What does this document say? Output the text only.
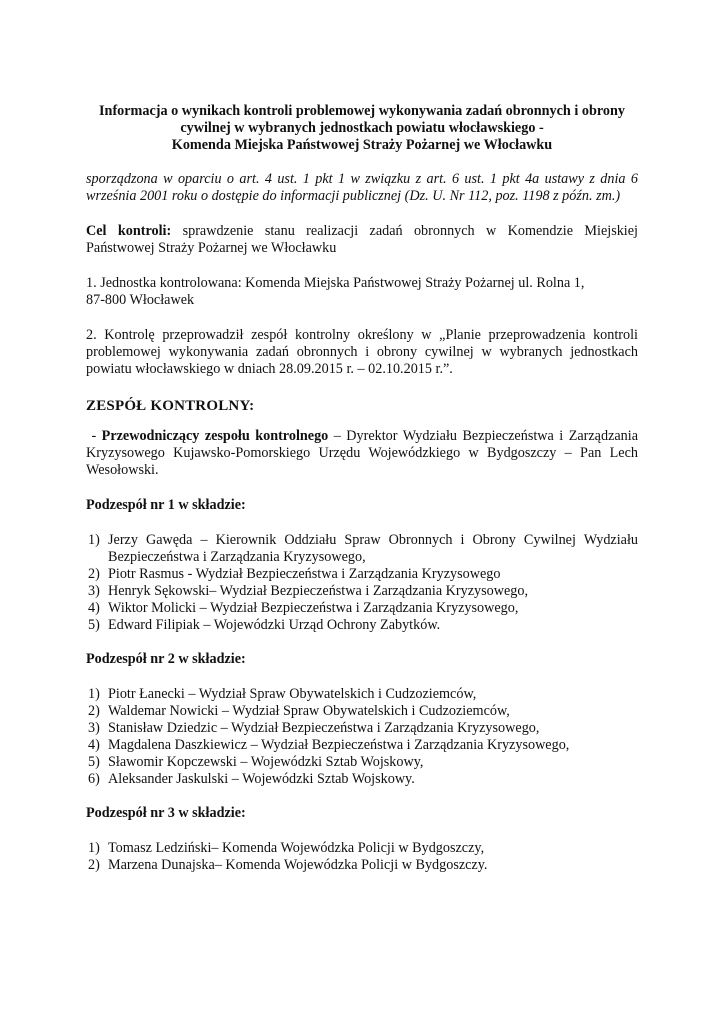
Informacja o wynikach kontroli problemowej wykonywania zadań obronnych i obrony
cywilnej w wybranych jednostkach powiatu włocławskiego -
Komenda Miejska Państwowej Straży Pożarnej we Włocławku
sporządzona w oparciu o art. 4 ust. 1 pkt 1 w związku z art. 6 ust. 1 pkt 4a ustawy z dnia 6 września 2001 roku o dostępie do informacji publicznej (Dz. U. Nr 112, poz. 1198 z późn. zm.)
Cel kontroli: sprawdzenie stanu realizacji zadań obronnych w Komendzie Miejskiej Państwowej Straży Pożarnej we Włocławku
1. Jednostka kontrolowana: Komenda Miejska Państwowej Straży Pożarnej ul. Rolna 1,
87-800 Włocławek
2. Kontrolę przeprowadził zespół kontrolny określony w „Planie przeprowadzenia kontroli problemowej wykonywania zadań obronnych i obrony cywilnej w wybranych jednostkach powiatu włocławskiego w dniach 28.09.2015 r. – 02.10.2015 r.”.
ZESPÓŁ KONTROLNY:
- Przewodniczący zespołu kontrolnego – Dyrektor Wydziału Bezpieczeństwa i Zarządzania Kryzysowego Kujawsko-Pomorskiego Urzędu Wojewódzkiego w Bydgoszczy – Pan Lech Wesołowski.
Podzespół nr 1 w składzie:
1) Jerzy Gawęda – Kierownik Oddziału Spraw Obronnych i Obrony Cywilnej Wydziału Bezpieczeństwa i Zarządzania Kryzysowego,
2) Piotr Rasmus - Wydział Bezpieczeństwa i Zarządzania Kryzysowego
3) Henryk Sękowski– Wydział Bezpieczeństwa i Zarządzania Kryzysowego,
4) Wiktor Molicki – Wydział Bezpieczeństwa i Zarządzania Kryzysowego,
5) Edward Filipiak – Wojewódzki Urząd Ochrony Zabytków.
Podzespół nr 2 w składzie:
1) Piotr Łanecki – Wydział Spraw Obywatelskich i Cudzoziemców,
2) Waldemar Nowicki – Wydział Spraw Obywatelskich i Cudzoziemców,
3) Stanisław Dziedzic – Wydział Bezpieczeństwa i Zarządzania Kryzysowego,
4) Magdalena Daszkiewicz – Wydział Bezpieczeństwa i Zarządzania Kryzysowego,
5) Sławomir Kopczewski – Wojewódzki Sztab Wojskowy,
6) Aleksander Jaskulski – Wojewódzki Sztab Wojskowy.
Podzespół nr 3 w składzie:
1) Tomasz Ledziński– Komenda Wojewódzka Policji w Bydgoszczy,
2) Marzena Dunajska– Komenda Wojewódzka Policji w Bydgoszczy.
